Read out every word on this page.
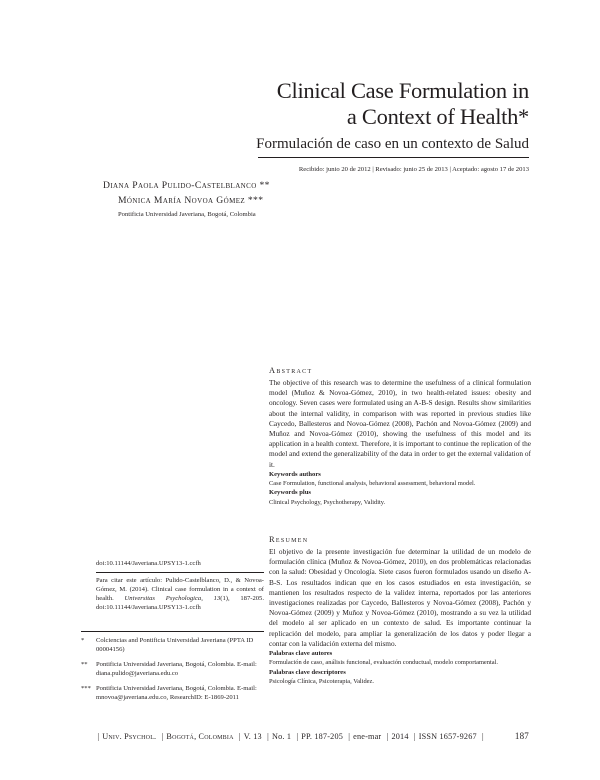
Clinical Case Formulation in
a Context of Health*
Formulación de caso en un contexto de Salud
Recibido: junio 20 de 2012 | Revisado: junio 25 de 2013 | Aceptado: agosto 17 de 2013
Diana Paola Pulido-Castelblanco **
Mónica María Novoa Gómez ***
Pontificia Universidad Javeriana, Bogotá, Colombia
Abstract
The objective of this research was to determine the usefulness of a clinical formulation model (Muñoz & Novoa-Gómez, 2010), in two health-related issues: obesity and oncology. Seven cases were formulated using an A-B-S design. Results show similarities about the internal validity, in comparison with was reported in previous studies like Caycedo, Ballesteros and Novoa-Gómez (2008), Pachón and Novoa-Gómez (2009) and Muñoz and Novoa-Gómez (2010), showing the usefulness of this model and its application in a health context. Therefore, it is important to continue the replication of the model and extend the generalizability of the data in order to get the external validation of it.
Keywords authors
Case Formulation, functional analysis, behavioral assessment, behavioral model.
Keywords plus
Clinical Psychology, Psychotherapy, Validity.
Resumen
El objetivo de la presente investigación fue determinar la utilidad de un modelo de formulación clínica (Muñoz & Novoa-Gómez, 2010), en dos problemáticas relacionadas con la salud: Obesidad y Oncología. Siete casos fueron formulados usando un diseño A-B-S. Los resultados indican que en los casos estudiados en esta investigación, se mantienen los resultados respecto de la validez interna, reportados por las anteriores investigaciones realizadas por Caycedo, Ballesteros y Novoa-Gómez (2008), Pachón y Novoa-Gómez (2009) y Muñoz y Novoa-Gómez (2010), mostrando a su vez la utilidad del modelo al ser aplicado en un contexto de salud. Es importante continuar la replicación del modelo, para ampliar la generalización de los datos y poder llegar a contar con la validación externa del mismo.
Palabras clave autores
Formulación de caso, análisis funcional, evaluación conductual, modelo comportamental.
Palabras clave descriptores
Psicología Clínica, Psicoterapia, Validez.
doi:10.11144/Javeriana.UPSY13-1.ccfh
Para citar este artículo: Pulido-Castelblanco, D., & Novoa-Gómez, M. (2014). Clinical case formulation in a context of health. Universitas Psychologica, 13(1), 187-205. doi:10.11144/Javeriana.UPSY13-1.ccfh
*	Colciencias and Pontificia Universidad Javeriana (PPTA ID 00004156)
**	Pontificia Universidad Javeriana, Bogotá, Colombia. E-mail: diana.pulido@javeriana.edu.co
*** Pontificia Universidad Javeriana, Bogotá, Colombia. E-mail: mnovoa@javeriana.edu.co, ResearchID: E-1869-2011
| Univ. Psychol. | Bogotá, Colombia | V. 13 | No. 1 | PP. 187-205 | ene-mar | 2014 | ISSN 1657-9267 |	187
